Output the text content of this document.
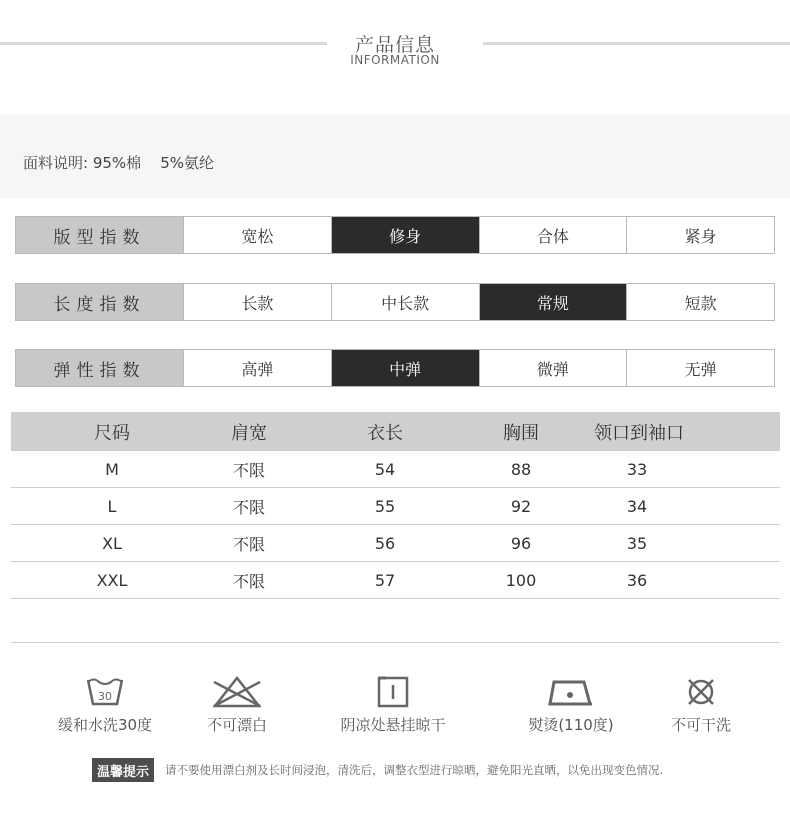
产品信息
INFORMATION
面料说明: 95%棉    5%氨纶
版型指数	宽松	修身	合体	紧身
长度指数	长款	中长款	常规	短款
弹性指数	高弹	中弹	微弹	无弹
尺码	肩宽	衣长	胸围	领口到袖口
M	不限	54	88	33
L	不限	55	92	34
XL	不限	56	96	35
XXL	不限	57	100	36
30
缓和水洗30度	不可漂白	阴凉处悬挂晾干	熨烫(110度)	不可干洗
温馨提示	请不要使用漂白剂及长时间浸泡，清洗后，调整衣型进行晾晒，避免阳光直晒，以免出现变色情况.
